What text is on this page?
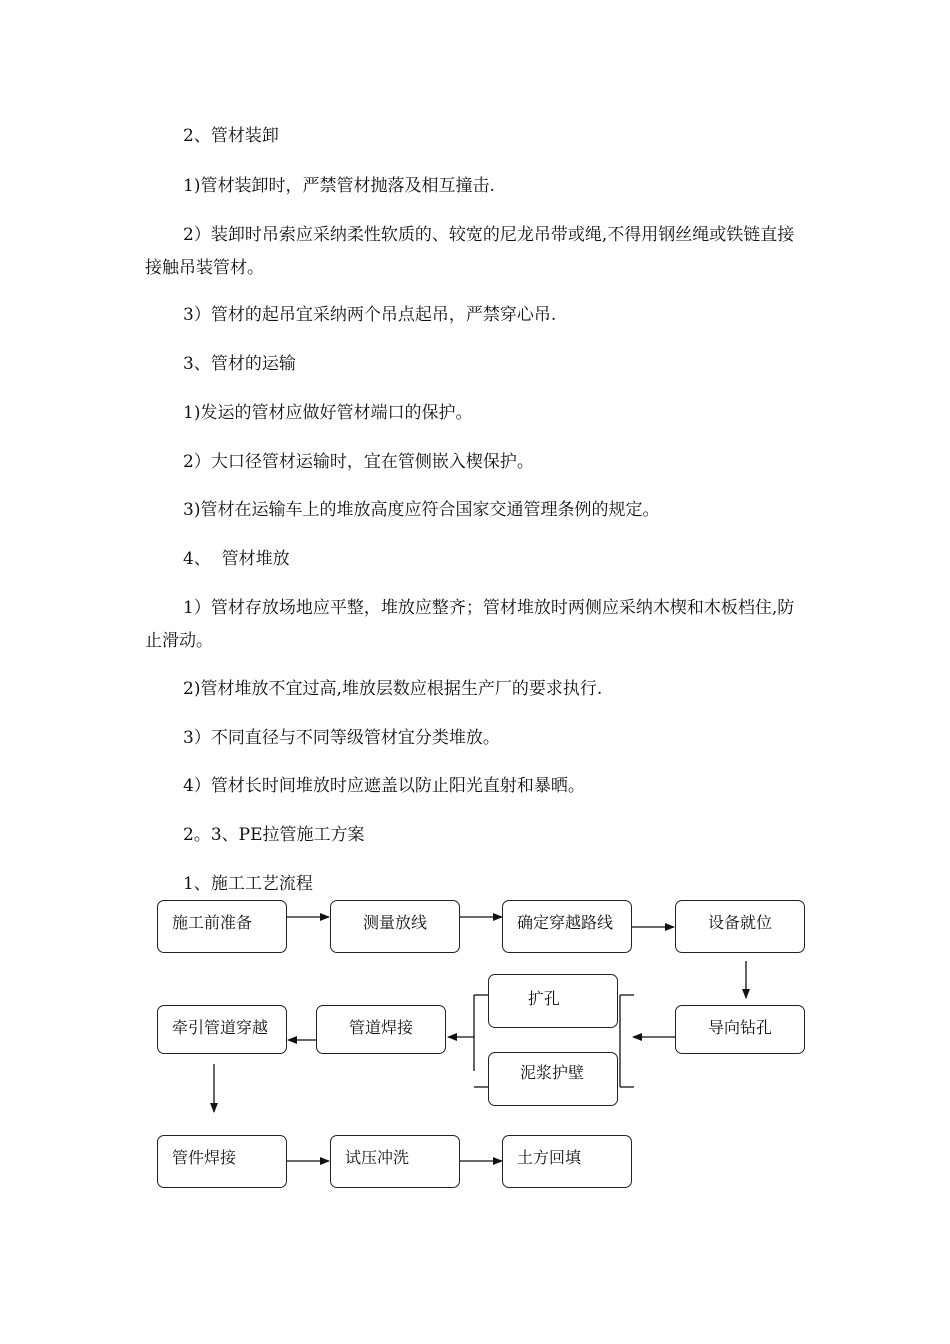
2、管材装卸

1)管材装卸时，严禁管材抛落及相互撞击.

2）装卸时吊索应采纳柔性软质的、较宽的尼龙吊带或绳,不得用钢丝绳或铁链直接接触吊装管材。

3）管材的起吊宜采纳两个吊点起吊，严禁穿心吊.

3、管材的运输

1)发运的管材应做好管材端口的保护。

2）大口径管材运输时，宜在管侧嵌入楔保护。

3)管材在运输车上的堆放高度应符合国家交通管理条例的规定。

4、  管材堆放

1）管材存放场地应平整，堆放应整齐；管材堆放时两侧应采纳木楔和木板档住,防止滑动。

2)管材堆放不宜过高,堆放层数应根据生产厂的要求执行.

3）不同直径与不同等级管材宜分类堆放。

4）管材长时间堆放时应遮盖以防止阳光直射和暴晒。

2。3、PE拉管施工方案

1、施工工艺流程

施工前准备	测量放线	确定穿越路线	设备就位
扩孔
泥浆护壁
牵引管道穿越	管道焊接	导向钻孔
管件焊接	试压冲洗	土方回填
